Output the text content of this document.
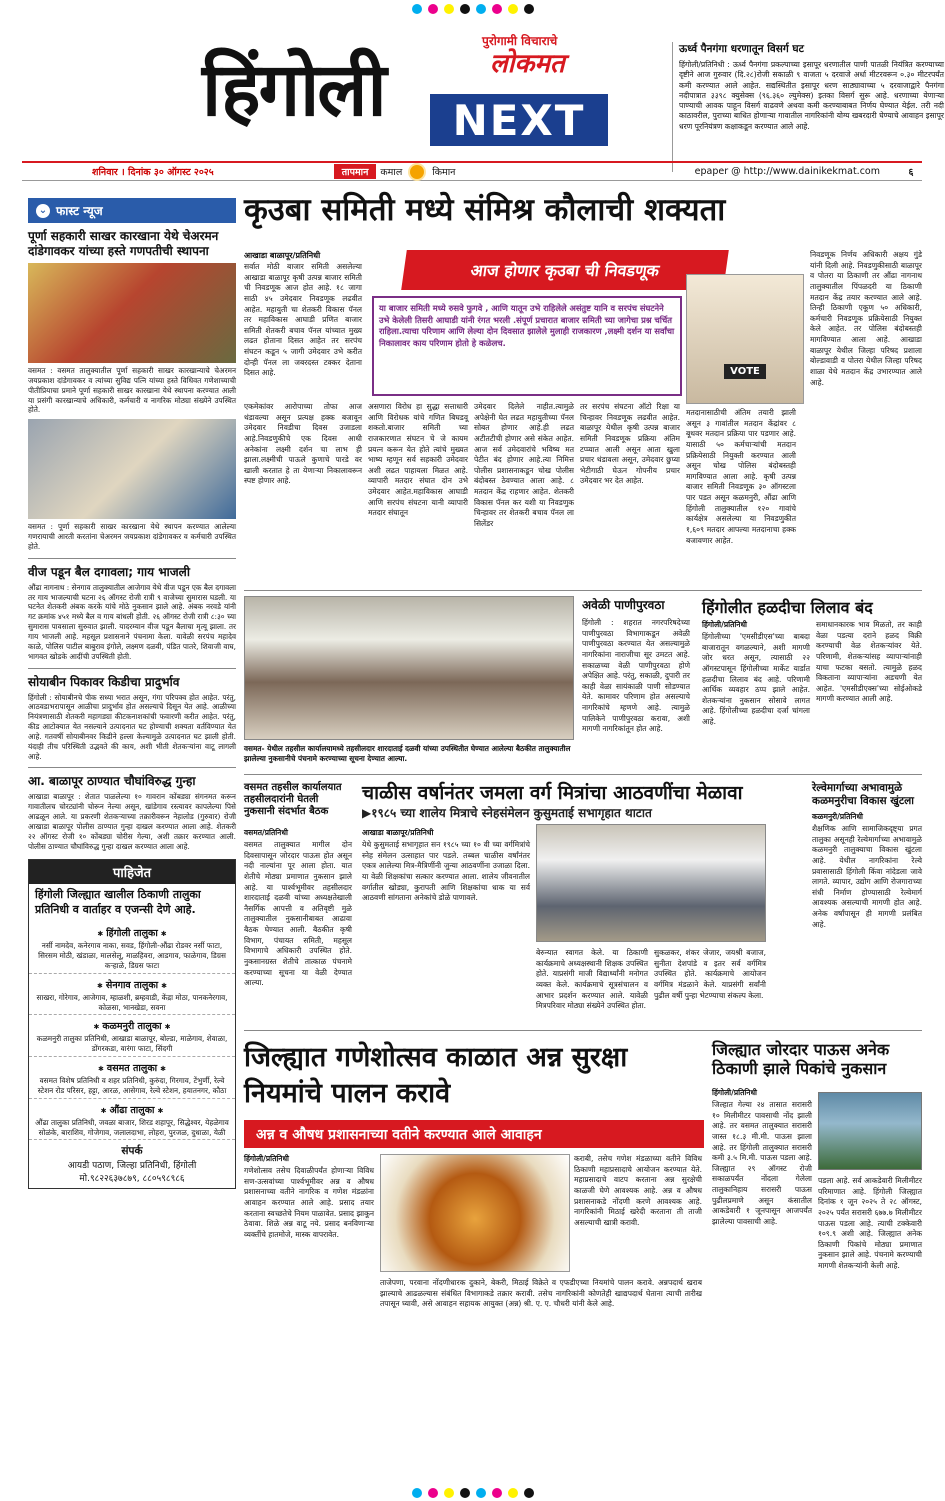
हिंगोली
पुरोगामी विचाराचे
लोकमत
NEXT
ऊर्ध्व पैनगंगा धरणातून विसर्ग घट

हिंगोली/प्रतिनिधी : ऊर्ध्व पैनगंगा प्रकल्पाच्या इसापूर धरणातील पाणी पातळी नियंत्रित करण्याच्या दृष्टीने आज गुरुवार (दि.२८)रोजी सकाळी ९ वाजता ५ दरवाजे अर्धा मीटरवरून ०.३० मीटरपर्यंत कमी करण्यात आले आहेत. सद्यस्थितीत इसापूर धरण साठ्यावाच्या ५ दरवाजाद्वारे पैनगंगा नदीपात्रात ३३९८ क्युसेक्स (९६.३६० ल्युमेक्स) इतका विसर्ग सुरू आहे. धरणाच्या येणाऱ्या पाण्याची आवक पाहून विसर्ग वाढवणे अथवा कमी करण्याबाबत निर्णय घेण्यात येईल. तरी नदी काठावरील, पुराच्या बाधित होणाऱ्या गावातील नागरिकांनी योग्य खबरदारी घेण्याचे आवाहन इसापूर धरण पूरनियंत्रण कक्षाकडून करण्यात आले आहे.

शनिवार । दिनांक ३० ऑगस्ट २०२५	तापमान	कमाल	किमान	epaper @ http://www.dainikekmat.com	६
⌄ फास्ट न्यूज
पूर्णा सहकारी साखर कारखाना येथे चेअरमन दांडेगावकर यांच्या हस्ते गणपतीची स्थापना
वसमत : वसमत तालुक्यातील पूर्णा सहकारी साखर कारखान्याचे चेअरमन जयप्रकाश दांडेगावकर व त्यांच्या सुविद्य पत्नि यांच्या हस्ते विधिवत गणेशाच्याची पीतीप्रियाचा प्रमाने पूर्णा सहकारी साखर कारखाना येथे स्थापना करण्यात आली या प्रसंगी कारखान्याचे अधिकारी, कर्मचारी व नागरिक मोठ्या संख्येने उपस्थित होते.
वसमत : पूर्णा सहकारी साखर कारखाना येथे स्थापन करण्यात आलेल्या गणरायाची आरती करतांना चेअरमन जयप्रकाश दांडेगावकर व कर्मचारी उपस्थित होते.
वीज पडून बैल दगावला; गाय भाजली
औंढा नागनाथ : सेनगाव तालुक्यातील आजेगाव येथे वीज पडून एक बैल दगावला तर गाय भाजल्याची घटना २६ ऑगस्ट रोजी रात्री ९ वाजेच्या सुमारास घडली. या घटनेत शेतकरी अंबक करके यांचे मोठे नुकसान झाले आहे. अंबक नरवडे यांनी गट क्रमांक ४५१ मध्ये बैल व गाय बांधली होती. २६ ऑगस्ट रोजी रात्री ८:३० च्या सुमारास पावसाला सुरुवात झाली. यादरम्यान वीज पडून बैलाचा मृत्यू झाला. तर गाय भाजली आहे. महसूल प्रशासनाने पंचनामा केला. यावेळी सरपंच महादेव काळे, पोलिस पाटील बाबुराव इंगोले, लक्ष्मण दळवी, पंडित पातरे, शिवाजी वाघ, भागवत खोडके आदींची उपस्थिती होती.
सोयाबीन पिकावर किडीचा प्रादुर्भाव
हिंगोली : सोयाबीनचे पीक सध्या भरात असून, गंगा परिपक्व होत आहेत. परंतु, आठवडाभरापासून आळीचा प्रादुर्भाव होत असल्याचे दिसून येत आहे. आळीच्या नियंत्रणासाठी शेतकरी महागड्या कीटकनाशकांची फवारणी करीत आहेत. परंतु, कीड आटोक्यात येत नसल्याने उत्पादनात घट होण्याची शक्यता वर्तविण्यात येत आहे. गतवर्षी सोयाबीनवर किडीने हल्ला केल्यामुळे उत्पादनात घट झाली होती. यंदाही तीच परिस्थिती उद्भवते की काय, अशी भीती शेतकऱ्यांना वाटू लागली आहे.
आ. बाळापूर ठाण्यात चौघांविरुद्ध गुन्हा
आखाडा बाळापूर : शेतात पाळलेल्या १० गावरान कोंबड्या संगनमत करून गावातीलच चोरट्यांनी चोरून नेल्या असून, खांडेगाव रस्त्यावर कापलेल्या पिसे आढळून आले. या प्रकरणी शेतकऱ्याच्या तक्रारीवरून नेहालोड (गुरुवार) रोजी आखाडा बाळापूर पोलीस ठाण्यात गुन्हा दाखल करण्यात आला आहे. शेतकरी २२ ऑगस्ट रोजी १० कोंबड्या चोरीस गेल्या, अशी तक्रार करण्यात आली. पोलीस ठाण्यात चौघांविरुद्ध गुन्हा दाखल करण्यात आला आहे.
पाहिजेत
हिंगोली जिल्ह्यात खालील ठिकाणी तालुका प्रतिनिधी व वार्ताहर व एजन्सी देणे आहे.
✱ हिंगोली तालुका ✱
नर्सी नामदेव, कनेरगाव नाका, सवड, हिंगोली-औंढा रोडवर नर्सी फाटा, सिरसम मोठी, खंडाळा, मालसेलू, माळहिवरा, आडगाव, फाळेगाव, डिग्रस कऱ्हाळे, डिग्रस फाटा
✱ सेनगाव तालुका ✱
साखरा, गोरेगाव, आजेगाव, म्हाळशी, ब्रम्हवाडी, केंद्रा मोठा, पानकनेरगाव, कोळसा, भानखेडा, सवना
✱ कळमनुरी तालुका ✱
कळमनुरी तालुका प्रतिनिधी, आखाडा बाळापूर, बोल्डा, माळेगाव, शेवाळा, डोंगरकडा, वारंगा फाटा, सिंदगी
✱ वसमत तालुका ✱
वसमत विशेष प्रतिनिधी व शहर प्रतिनिधी, कुरुंदा, गिरगाव, टेंभुर्णी, रेल्वे स्टेशन रोड परिसर, हट्टा, आरळ, आसेगाव, रेल्वे स्टेशन, हयातनगर, कौठा
✱ औंढा तालुका ✱
औंढा तालुका प्रतिनिधी, जवळा बाजार, शिरड शहापूर, सिद्धेश्वर, येहळेगाव सोळंके, बाराशिव, गोजेगाव, जलालदाभा, लोहरा, पुरजळ, दुधाळा, येळी
संपर्क
आयडी पठाण, जिल्हा प्रतिनिधी, हिंगोली
मो.९८२२६३७८७९, ८८०५९८९८६
कृउबा समिती मध्ये संमिश्र कौलाची शक्यता
आज होणार कृउबा ची निवडणूक
या बाजार समिती मध्ये रुसवे फुगवे , आणि यातून उभे राहिलेले असंतुष्ट यानि व सरपंच संघटनेने उभे केलेली तिसरी आघाडी यांनी रंगत भरली .संपूर्ण प्रचारात बाजार समिती च्या जागेचा प्रश्न चर्चित राहिला.त्याचा परिणाम आणि लेल्या दोन दिवसात झालेले मुलाही राजकारण ,लक्ष्मी दर्शन या सर्वांचा निकालावर काय परिणाम होतो हे कळेलच.
VOTE
आखाडा बाळापूर/प्रतिनिधी
सर्वात मोठी बाजार समिती असलेल्या आखाडा बाळापूर कृषी उत्पन्न बाजार समिती ची निवडणूक आज होत आहे. १८ जागा साठी ४५ उमेदवार निवडणूक लढवीत आहेत. महायुती चा शेतकरी विकास पॅनल तर महाविकास आघाडी प्रणित बाजार समिती शेतकरी बचाव पॅनल यांच्यात मुख्य लढत होताना दिसत आहेत तर सरपंच संघटन कडून ५ जागी उमेदवार उभे करीत दोन्ही पॅनल ला जबरदस्त टक्कर देताना दिसत आहे.
एकमेकांवर आरोपाच्या तोफा आज थंडावल्या असून प्रत्यक्ष हक्क बजावून उमेदवार निवडीचा दिवस उजाडला आहे.निवडणुकीचे एक दिवस आधी अनेकांना लक्ष्मी दर्शन चा लाभ ही झाला.लक्ष्मीची पाऊले कुणाचे पारडे वर खाली करतात हे ता येणाऱ्या निकालावरून स्पष्ट होणार आहे.
असणारा विरोध हा सुद्धा सत्ताधारी आणि विरोधक यांचे गणित बिघडवू शकतो.बाजार समिती च्या राजकारणात संघटन चे जे कायम प्रयत्न करून येत होते त्यांचे मुख्यत भाष्य म्हणून सर्व सहकारी उमेदवार अशी लढत पाहायला मिळत आहे. व्यापारी मतदार संघात दोन उभे उमेदवार आहेत.महाविकास आघाडी आणि सरपंच संघटना यानी व्यापारी मतदार संघातून
उमेदवार दिलेले नाहीत.त्यामुळे अपेक्षेनी घेत लढत महायुतीच्या पॅनल सोबत होणार आहे.ही लढत अटीतटीची होणार असे संकेत आहेत. आज सर्व उमेदवारांचे भविष्य मत पेटीत बंद होणार आहे.त्या निमित्त पोलीस प्रशासनाकडून चोख पोलीस बंदोबस्त ठेवण्यात आला आहे. ८ मतदान केंद्र राहणार आहेत. शेतकरी विकास पॅनल कर यशी या निवडणुक चिन्हावर तर शेतकरी बचाव पॅनल ला सिलेंडर
तर सरपंच संघटना ऑटो रिक्षा या चिन्हावर निवडणूक लढवीत आहेत. बाळापूर येथील कृषी उत्पन्न बाजार समिती निवडणूक प्रक्रिया अंतिम टप्प्यात आली असून आता खुला प्रचार थंडावला असून, उमेदवार छुप्या भेटीगाठी घेऊन गोपनीय प्रचार उमेदवार भर देत आहेत.
मतदानासाठीची अंतिम तयारी झाली असून ३ गावांतील मतदान केंद्रांवर ८ बूथवर मतदान प्रक्रिया पार पडणार आहे. यासाठी ५० कर्मचाऱ्यांची मतदान प्रक्रियेसाठी नियुक्ती करण्यात आली असून चोख पोलिस बंदोबस्तही मागविण्यात आला आहे. कृषी उत्पन्न बाजार समिती निवडणूक ३० ऑगस्टला पार पडत असून कळमनुरी, औंढा आणि हिंगोली तालुक्यातील १२० गावांचे कार्यक्षेत्र असलेल्या या निवडणुकीत १,६०९ मतदार आपल्या मतदानाचा हक्क बजावणार आहेत.
निवडणूक निर्णय अधिकारी अक्षय गुंडे यांनी दिली आहे. निवडणुकीसाठी बाळापूर व पोतरा या ठिकाणी तर औंढा नागनाथ तालुक्यातील पिंपळदरी या ठिकाणी मतदान केंद्र तयार करण्यात आले आहे. तिन्ही ठिकाणी एकूण ५० अधिकारी, कर्मचारी निवडणूक प्रक्रियेसाठी नियुक्त केले आहेत. तर पोलिस बंदोबस्तही मागविण्यात आला आहे. आखाडा बाळापूर येथील जिल्हा परिषद प्रशाला बोल्डावाडी व पोतरा येथील जिल्हा परिषद शाळा येथे मतदान केंद्र उभारण्यात आले आहे.
वसमत- येथील तहसील कार्यालयामध्ये तहसीलदार शारदाताई दळवी यांच्या उपस्थितीत घेण्यात आलेल्या बैठकीत तालुक्यातील झालेल्या नुकसानीचे पंचनामे करण्याच्या सूचना देण्यात आल्या.
अवेळी पाणीपुरवठा
हिंगोली : शहरात नगरपरिषदेच्या पाणीपुरवठा विभागाकडून अवेळी पाणीपुरवठा करण्यात येत असल्यामुळे नागरिकांना नाराजीचा सूर उमटत आहे. सकाळच्या वेळी पाणीपुरवठा होणे अपेक्षित आहे. परंतु, सकाळी, दुपारी तर काही वेळा सायंकाळी पाणी सोडण्यात येते. कामावर परिणाम होत असल्याचे नागरिकांचे म्हणणे आहे. त्यामुळे पालिकेने पाणीपुरवठा करावा, अशी मागणी नागरिकांतून होत आहे.
हिंगोलीत हळदीचा लिलाव बंद
हिंगोली/प्रतिनिधी
हिंगोलीच्या 'एमसीडीएस'च्या बाबदा बाजारातून वगळल्याने, अशी मागणी जोर धरत असून, त्यासाठी २२ ऑगस्टपासून हिंगोलीच्या मार्केट यार्डात हळदीचा लिलाव बंद आहे. परिणामी आर्थिक व्यवहार ठप्प झाले आहेत. शेतकऱ्यांना नुकसान सोसावे लागत आहे. हिंगोलीच्या हळदीचा दर्जा चांगला आहे.
समाधानकारक भाव मिळतो, तर काही वेळा पडत्या दराने हळद विक्री करण्याची वेळ शेतकऱ्यांवर येते. परिणामी, शेतकऱ्यांसह व्यापाऱ्यांनाही याचा फटका बसतो. त्यामुळे हळद विकताना व्यापाऱ्यांना अडचणी येत आहेत. 'एमसीडीएक्स'च्या सोईओकडे मागणी करण्यात आली आहे.
वसमत तहसील कार्यालयात तहसीलदारांनी घेतली नुकसानी संदर्भात बैठक
वसमत/प्रतिनिधी
वसमत तालुक्यात मागील दोन दिवसापासून जोरदार पाऊस होत असून नदी नाल्यांना पूर आला होता. यात शेतीचे मोठ्या प्रमाणात नुकसान झाले आहे. या पार्श्वभूमीवर तहसीलदार शारदाताई दळवी यांच्या अध्यक्षतेखाली नैसर्गिक आपत्ती व अतिवृष्टी मुळे तालुक्यातील नुकसानीबाबत आढावा बैठक घेण्यात आली. बैठकीत कृषी विभाग, पंचायत समिती, महसूल विभागाचे अधिकारी उपस्थित होते. नुकसानग्रस्त शेतीचे तात्काळ पंचनामे करण्याच्या सूचना या वेळी देण्यात आल्या.
चाळीस वर्षानंतर जमला वर्ग मित्रांचा आठवणींचा मेळावा
▶१९८५ च्या शालेय मित्राचे स्नेहसंमेलन कुसुमताई सभागृहात थाटात
आखाडा बाळापूर/प्रतिनिधी
येथे कुसुमताई सभागृहात सन १९८५ च्या १० वी च्या वर्गमित्रांचे स्नेह संमेलन उत्साहात पार पडले. तब्बल चाळीस वर्षांनंतर एकत्र आलेल्या मित्र-मैत्रिणींनी जुन्या आठवणींना उजाळा दिला. या वेळी शिक्षकांचा सत्कार करण्यात आला. शालेय जीवनातील वर्गातील खोड्या, कुरापती आणि शिक्षकांचा धाक या सर्व आठवणी सांगताना अनेकांचे डोळे पाणावले.
बेरुन्यात स्वागत केले. या ठिकाणी कार्यक्रमाचे अध्यक्षस्थानी शिक्षक उपस्थित होते. याप्रसंगी माजी विद्यार्थ्यांनी मनोगत व्यक्त केले. कार्यक्रमाचे सूत्रसंचालन व आभार प्रदर्शन करण्यात आले. यावेळी मित्रपरिवार मोठ्या संख्येने उपस्थित होता.
सुकळकर, शंकर जेजार, जयश्री बजाज, सुनीता देशपांडे व इतर सर्व वर्गमित्र उपस्थित होते. कार्यक्रमाचे आयोजन वर्गमित्र मंडळाने केले. याप्रसंगी सर्वांनी पुढील वर्षी पुन्हा भेटण्याचा संकल्प केला.
रेल्वेमार्गाच्या अभावामुळे कळमनुरीचा विकास खुंटला
कळमनुरी/प्रतिनिधी
शैक्षणिक आणि सामाजिकदृष्ट्या प्रगत तालुका असूनही रेल्वेमार्गाच्या अभावामुळे कळमनुरी तालुक्याचा विकास खुंटला आहे. येथील नागरिकांना रेल्वे प्रवासासाठी हिंगोली किंवा नांदेडला जावे लागते. व्यापार, उद्योग आणि रोजगाराच्या संधी निर्माण होण्यासाठी रेल्वेमार्ग आवश्यक असल्याची मागणी होत आहे. अनेक वर्षांपासून ही मागणी प्रलंबित आहे.
जिल्ह्यात गणेशोत्सव काळात अन्न सुरक्षा नियमांचे पालन करावे
अन्न व औषध प्रशासनाच्या वतीने करण्यात आले आवाहन
हिंगोली/प्रतिनिधी
गणेशोत्सव तसेच दिवाळीपर्यंत होणाऱ्या विविध सण-उत्सवांच्या पार्श्वभूमीवर अन्न व औषध प्रशासनाच्या वतीने नागरिक व गणेश मंडळांना आवाहन करण्यात आले आहे. प्रसाद तयार करताना स्वच्छतेचे नियम पाळावेत. प्रसाद झाकून ठेवावा. शिळे अन्न वाटू नये. प्रसाद बनविणाऱ्या व्यक्तींचे हातमोजे, मास्क वापरावेत.
कराबी, तसेच गणेश मंडळाच्या वतीने विविध ठिकाणी महाप्रसादाचे आयोजन करण्यात येते. महाप्रसादाचे वाटप करताना अन्न सुरक्षेची काळजी घेणे आवश्यक आहे. अन्न व औषध प्रशासनाकडे नोंदणी करणे आवश्यक आहे. नागरिकांनी मिठाई खरेदी करताना ती ताजी असल्याची खात्री करावी.
ताजेपणा, परवाना नोंदणीधारक दुकाने, बेकरी, मिठाई विक्रेते व एफडीएच्या नियमांचे पालन करावे. अन्नपदार्थ खराब झाल्याचे आढळल्यास संबंधित विभागाकडे तक्रार करावी. तसेच नागरिकांनी कोणतेही खाद्यपदार्थ घेताना त्याची तारीख तपासून घ्यावी, असे आवाहन सहायक आयुक्त (अन्न) श्री. ए. ए. चौधरी यांनी केले आहे.
जिल्ह्यात जोरदार पाऊस अनेक ठिकाणी झाले पिकांचे नुकसान
हिंगोली/प्रतिनिधी
जिल्हात गेल्या २४ तासात सरासरी १० मिलीमीटर पावसाची नोंद झाली आहे. तर वसमत तालुक्यात सरासरी जास्त १८.३ मी.मी. पाऊस झाला आहे. तर हिंगोली तालुक्यात सरासरी कमी ३.५ मि.मी. पाऊस पडला आहे. जिल्ह्यात २९ ऑगस्ट रोजी सकाळपर्यंत नोंदला गेलेला तालुकानिहाय सरासरी पाऊस पुढीलप्रमाणे असून कंसातील आकडेवारी १ जूनपासून आजपर्यंत झालेल्या पावसाची आहे.
पडला आहे. सर्व आकडेवारी मिलीमीटर परिमाणात आहे. हिंगोली जिल्ह्यात दिनांक १ जून २०२५ ते २८ ऑगस्ट, २०२५ पर्यंत सरासरी ६७७.७ मिलीमीटर पाऊस पडला आहे. त्याची टक्केवारी १०९.९ अशी आहे. जिल्ह्यात अनेक ठिकाणी पिकांचे मोठ्या प्रमाणात नुकसान झाले आहे. पंचनामे करण्याची मागणी शेतकऱ्यांनी केली आहे.
